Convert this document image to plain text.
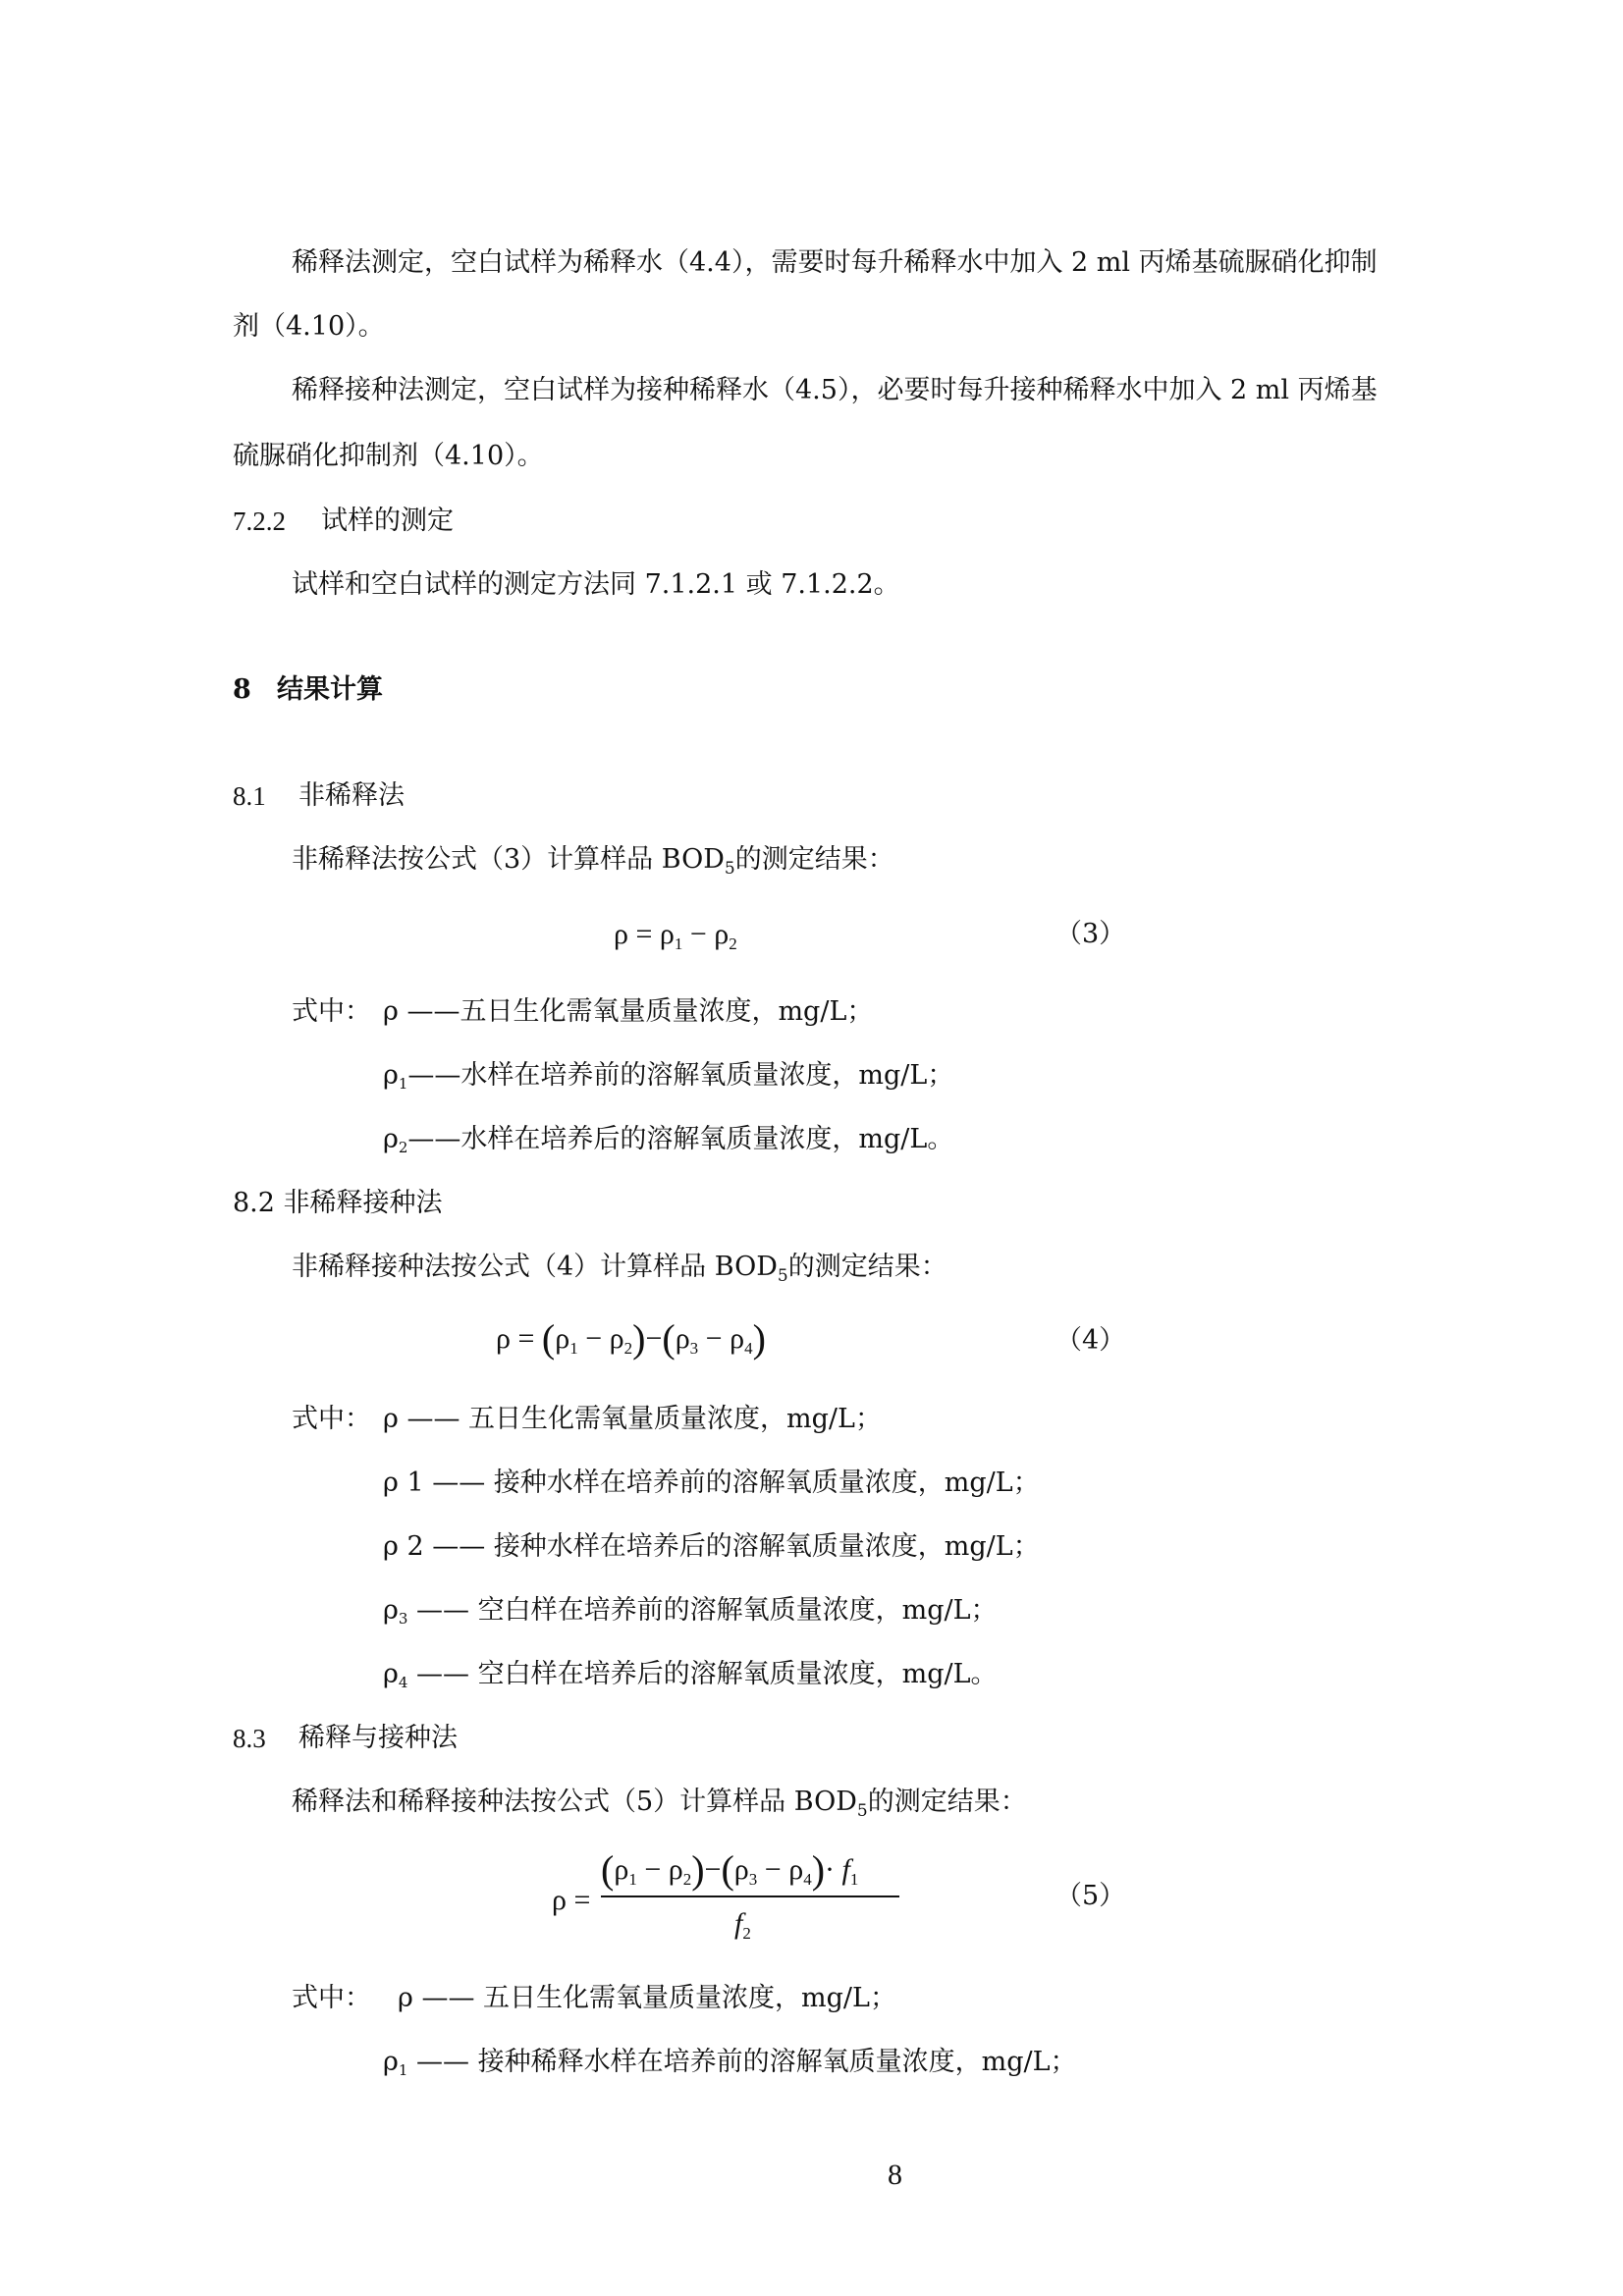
稀释法测定，空白试样为稀释水（4.4），需要时每升稀释水中加入 2 ml 丙烯基硫脲硝化抑制
剂（4.10）。
稀释接种法测定，空白试样为接种稀释水（4.5），必要时每升接种稀释水中加入 2 ml 丙烯基
硫脲硝化抑制剂（4.10）。
7.2.2 试样的测定
试样和空白试样的测定方法同 7.1.2.1 或 7.1.2.2。
8 结果计算
8.1 非稀释法
非稀释法按公式（3）计算样品 $BOD_5$的测定结果：
$\rho = \rho_1 - \rho_2$	（3）
式中： ρ ——五日生化需氧量质量浓度，mg/L；
$\rho_1——$水样在培养前的溶解氧质量浓度，mg/L；
$\rho_2——$水样在培养后的溶解氧质量浓度，mg/L。
8.2 非稀释接种法
非稀释接种法按公式（4）计算样品 $BOD_5$的测定结果：
$\rho = (\rho_1 - \rho_2)-(\rho_3 - \rho_4)$	（4）
式中： ρ —— 五日生化需氧量质量浓度，mg/L；
ρ 1 —— 接种水样在培养前的溶解氧质量浓度，mg/L；
ρ 2 —— 接种水样在培养后的溶解氧质量浓度，mg/L；
$\rho_3$ —— 空白样在培养前的溶解氧质量浓度，mg/L；
$\rho_4$ —— 空白样在培养后的溶解氧质量浓度，mg/L。
8.3 稀释与接种法
稀释法和稀释接种法按公式（5）计算样品 $BOD_5$的测定结果：
ρ =
$(\rho_1 - \rho_2)-(\rho_3 - \rho_4)\cdot f_1$
$f_2$
（5）
式中： ρ —— 五日生化需氧量质量浓度，mg/L；
$\rho_1$ —— 接种稀释水样在培养前的溶解氧质量浓度，mg/L；
8
